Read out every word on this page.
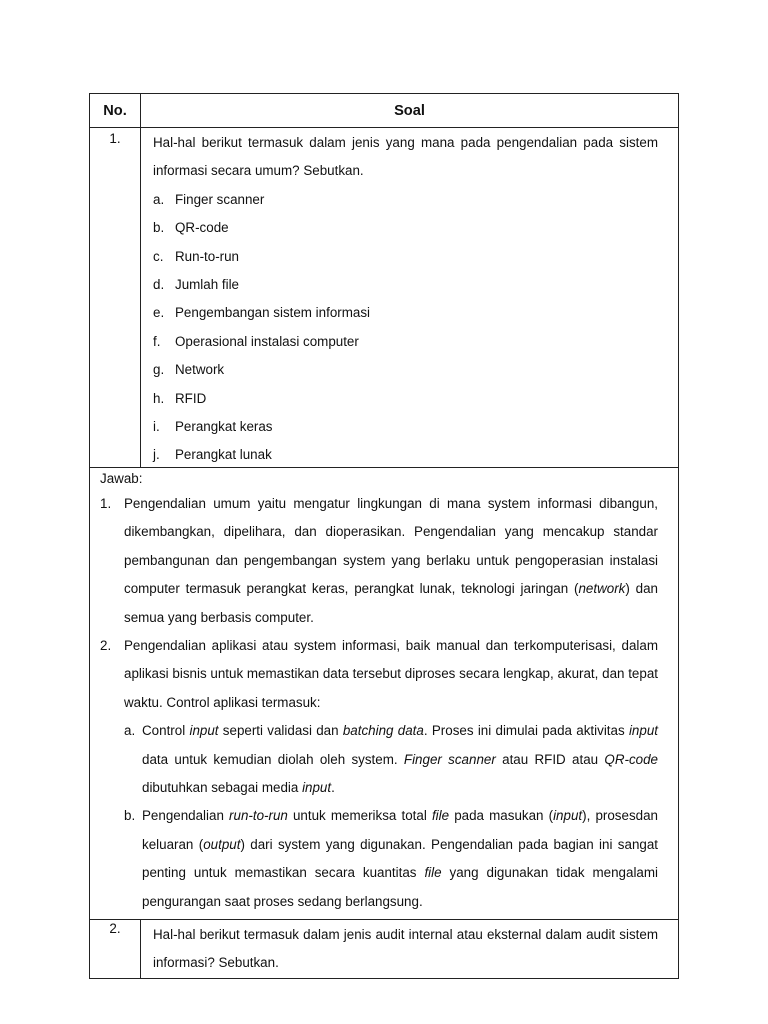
No.	Soal
1.	Hal-hal berikut termasuk dalam jenis yang mana pada pengendalian pada sistem informasi secara umum? Sebutkan.
a. Finger scanner
b. QR-code
c. Run-to-run
d. Jumlah file
e. Pengembangan sistem informasi
f.	Operasional instalasi computer
g. Network
h. RFID
i.	Perangkat keras
j.	Perangkat lunak
Jawab:
1. Pengendalian umum yaitu mengatur lingkungan di mana system informasi dibangun, dikembangkan, dipelihara, dan dioperasikan. Pengendalian yang mencakup standar pembangunan dan pengembangan system yang berlaku untuk pengoperasian instalasi computer termasuk perangkat keras, perangkat lunak, teknologi jaringan (network) dan semua yang berbasis computer.
2. Pengendalian aplikasi atau system informasi, baik manual dan terkomputerisasi, dalam aplikasi bisnis untuk memastikan data tersebut diproses secara lengkap, akurat, dan tepat waktu. Control aplikasi termasuk:
a. Control input seperti validasi dan batching data. Proses ini dimulai pada aktivitas input data untuk kemudian diolah oleh system. Finger scanner atau RFID atau QR-code dibutuhkan sebagai media input.
b. Pengendalian run-to-run untuk memeriksa total file pada masukan (input), prosesdan keluaran (output) dari system yang digunakan. Pengendalian pada bagian ini sangat penting untuk memastikan secara kuantitas file yang digunakan tidak mengalami pengurangan saat proses sedang berlangsung.
2.	Hal-hal berikut termasuk dalam jenis audit internal atau eksternal dalam audit sistem informasi? Sebutkan.
